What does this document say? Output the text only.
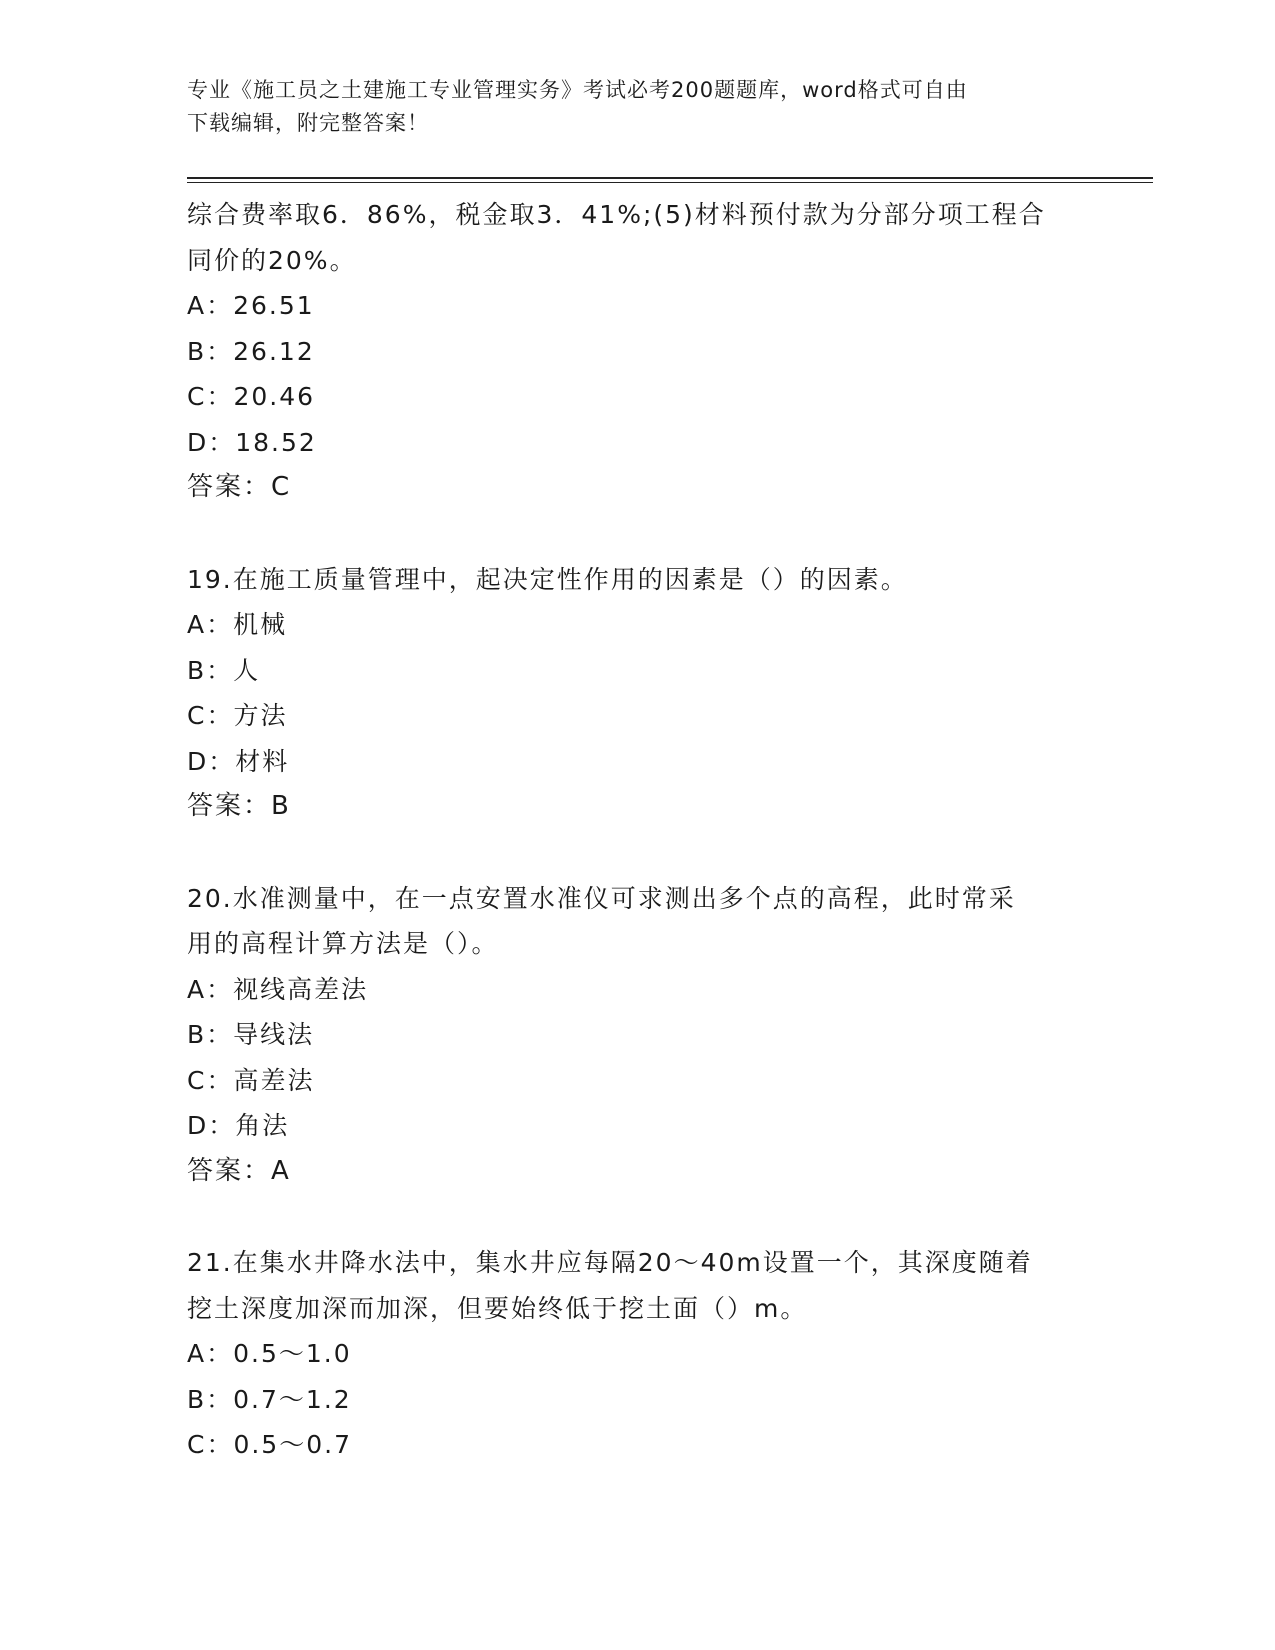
专业《施工员之土建施工专业管理实务》考试必考200题题库，word格式可自由
下载编辑，附完整答案！
综合费率取6．86%，税金取3．41%;(5)材料预付款为分部分项工程合
同价的20%。
A：26.51
B：26.12
C：20.46
D：18.52
答案：C
19.在施工质量管理中，起决定性作用的因素是（）的因素。
A：机械
B：人
C：方法
D：材料
答案：B
20.水准测量中，在一点安置水准仪可求测出多个点的高程，此时常采
用的高程计算方法是（）。
A：视线高差法
B：导线法
C：高差法
D：角法
答案：A
21.在集水井降水法中，集水井应每隔20～40m设置一个，其深度随着
挖土深度加深而加深，但要始终低于挖土面（）m。
A：0.5～1.0
B：0.7～1.2
C：0.5～0.7
